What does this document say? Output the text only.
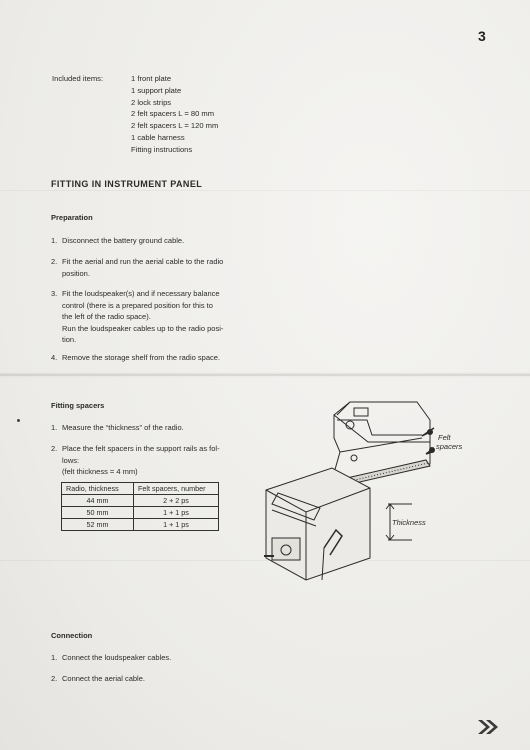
3
Included items:	1 front plate
1 support plate
2 lock strips
2 felt spacers L = 80 mm
2 felt spacers L = 120 mm
1 cable harness
Fitting instructions
FITTING IN INSTRUMENT PANEL
Preparation
1. Disconnect the battery ground cable.
2. Fit the aerial and run the aerial cable to the radio
position.
3. Fit the loudspeaker(s) and if necessary balance
control (there is a prepared position for this to
the left of the radio space).
Run the loudspeaker cables up to the radio posi-
tion.
4. Remove the storage shelf from the radio space.
Fitting spacers
1. Measure the “thickness” of the radio.
2. Place the felt spacers in the support rails as fol-
lows:
(felt thickness = 4 mm)
Radio, thickness	Felt spacers, number
44 mm	2 + 2 ps
50 mm	1 + 1 ps
52 mm	1 + 1 ps
Felt
spacers
Thickness
Connection
1. Connect the loudspeaker cables.
2. Connect the aerial cable.
